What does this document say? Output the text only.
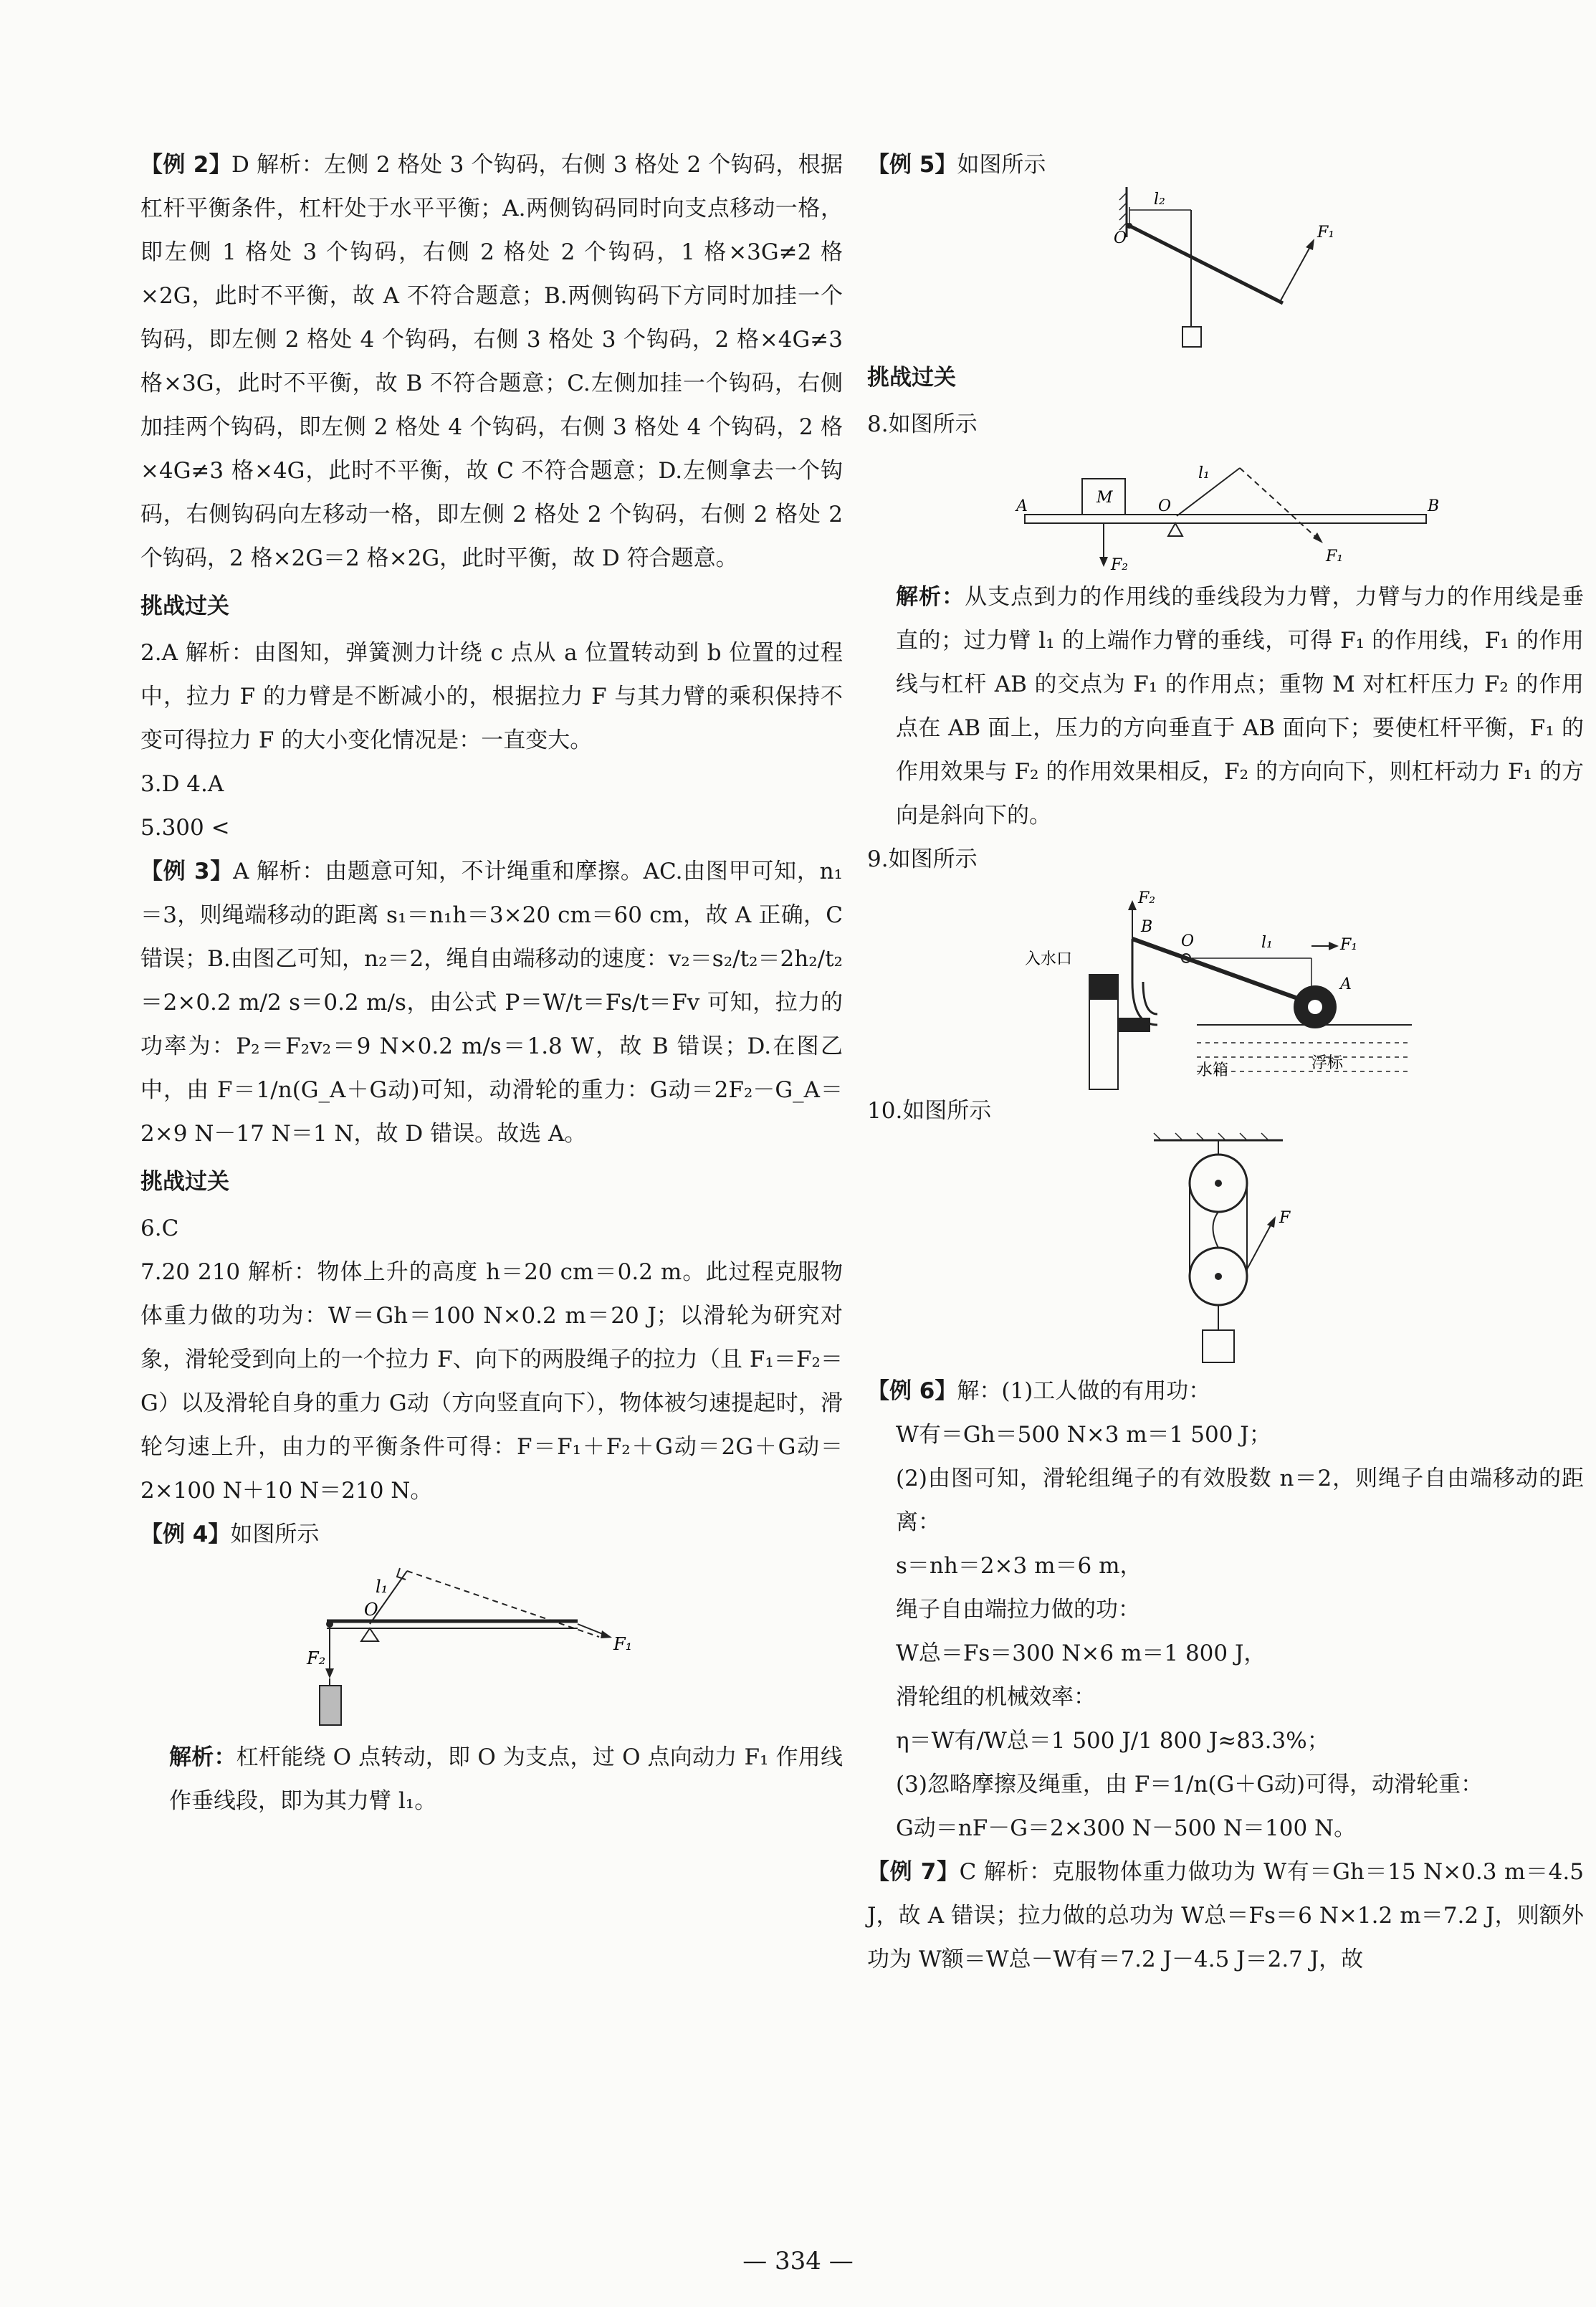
【例 2】D 解析：左侧 2 格处 3 个钩码，右侧 3 格处 2 个钩码，根据杠杆平衡条件，杠杆处于水平平衡；A.两侧钩码同时向支点移动一格，即左侧 1 格处 3 个钩码，右侧 2 格处 2 个钩码，1 格×3G≠2 格×2G，此时不平衡，故 A 不符合题意；B.两侧钩码下方同时加挂一个钩码，即左侧 2 格处 4 个钩码，右侧 3 格处 3 个钩码，2 格×4G≠3 格×3G，此时不平衡，故 B 不符合题意；C.左侧加挂一个钩码，右侧加挂两个钩码，即左侧 2 格处 4 个钩码，右侧 3 格处 4 个钩码，2 格×4G≠3 格×4G，此时不平衡，故 C 不符合题意；D.左侧拿去一个钩码，右侧钩码向左移动一格，即左侧 2 格处 2 个钩码，右侧 2 格处 2 个钩码，2 格×2G＝2 格×2G，此时平衡，故 D 符合题意。

挑战过关

2.A 解析：由图知，弹簧测力计绕 c 点从 a 位置转动到 b 位置的过程中，拉力 F 的力臂是不断减小的，根据拉力 F 与其力臂的乘积保持不变可得拉力 F 的大小变化情况是：一直变大。

3.D 4.A

5.300 <

【例 3】A 解析：由题意可知，不计绳重和摩擦。AC.由图甲可知，n₁＝3，则绳端移动的距离 s₁＝n₁h＝3×20 cm＝60 cm，故 A 正确，C 错误；B.由图乙可知，n₂＝2，绳自由端移动的速度：v₂＝s₂/t₂＝2h₂/t₂＝2×0.2 m/2 s＝0.2 m/s，由公式 P＝W/t＝Fs/t＝Fv 可知，拉力的功率为：P₂＝F₂v₂＝9 N×0.2 m/s＝1.8 W，故 B 错误；D.在图乙中，由 F＝1/n(G_A＋G动)可知，动滑轮的重力：G动＝2F₂－G_A＝2×9 N－17 N＝1 N，故 D 错误。故选 A。

挑战过关

6.C

7.20 210 解析：物体上升的高度 h＝20 cm＝0.2 m。此过程克服物体重力做的功为：W＝Gh＝100 N×0.2 m＝20 J；以滑轮为研究对象，滑轮受到向上的一个拉力 F、向下的两股绳子的拉力（且 F₁＝F₂＝G）以及滑轮自身的重力 G动（方向竖直向下），物体被匀速提起时，滑轮匀速上升，由力的平衡条件可得：F＝F₁＋F₂＋G动＝2G＋G动＝2×100 N＋10 N＝210 N。

【例 4】如图所示

O
l₁
F₁
F₂

解析：杠杆能绕 O 点转动，即 O 为支点，过 O 点向动力 F₁ 作用线作垂线段，即为其力臂 l₁。

【例 5】如图所示

O
l₂
F₁
挑战过关

8.如图所示

A	B
M	O
l₁
F₁
F₂

解析：从支点到力的作用线的垂线段为力臂，力臂与力的作用线是垂直的；过力臂 l₁ 的上端作力臂的垂线，可得 F₁ 的作用线，F₁ 的作用线与杠杆 AB 的交点为 F₁ 的作用点；重物 M 对杠杆压力 F₂ 的作用点在 AB 面上，压力的方向垂直于 AB 面向下；要使杠杆平衡，F₁ 的作用效果与 F₂ 的作用效果相反，F₂ 的方向向下，则杠杆动力 F₁ 的方向是斜向下的。

9.如图所示

入水口
水箱	浮标
F₂
B
O	l₁	F₁
A

10.如图所示

F

【例 6】解：(1)工人做的有用功：

W有＝Gh＝500 N×3 m＝1 500 J；

(2)由图可知，滑轮组绳子的有效股数 n＝2，则绳子自由端移动的距离：

s＝nh＝2×3 m＝6 m，

绳子自由端拉力做的功：

W总＝Fs＝300 N×6 m＝1 800 J，

滑轮组的机械效率：

η＝W有/W总＝1 500 J/1 800 J≈83.3%；

(3)忽略摩擦及绳重，由 F＝1/n(G＋G动)可得，动滑轮重：

G动＝nF－G＝2×300 N－500 N＝100 N。

【例 7】C 解析：克服物体重力做功为 W有＝Gh＝15 N×0.3 m＝4.5 J，故 A 错误；拉力做的总功为 W总＝Fs＝6 N×1.2 m＝7.2 J，则额外功为 W额＝W总－W有＝7.2 J－4.5 J＝2.7 J，故

— 334 —
